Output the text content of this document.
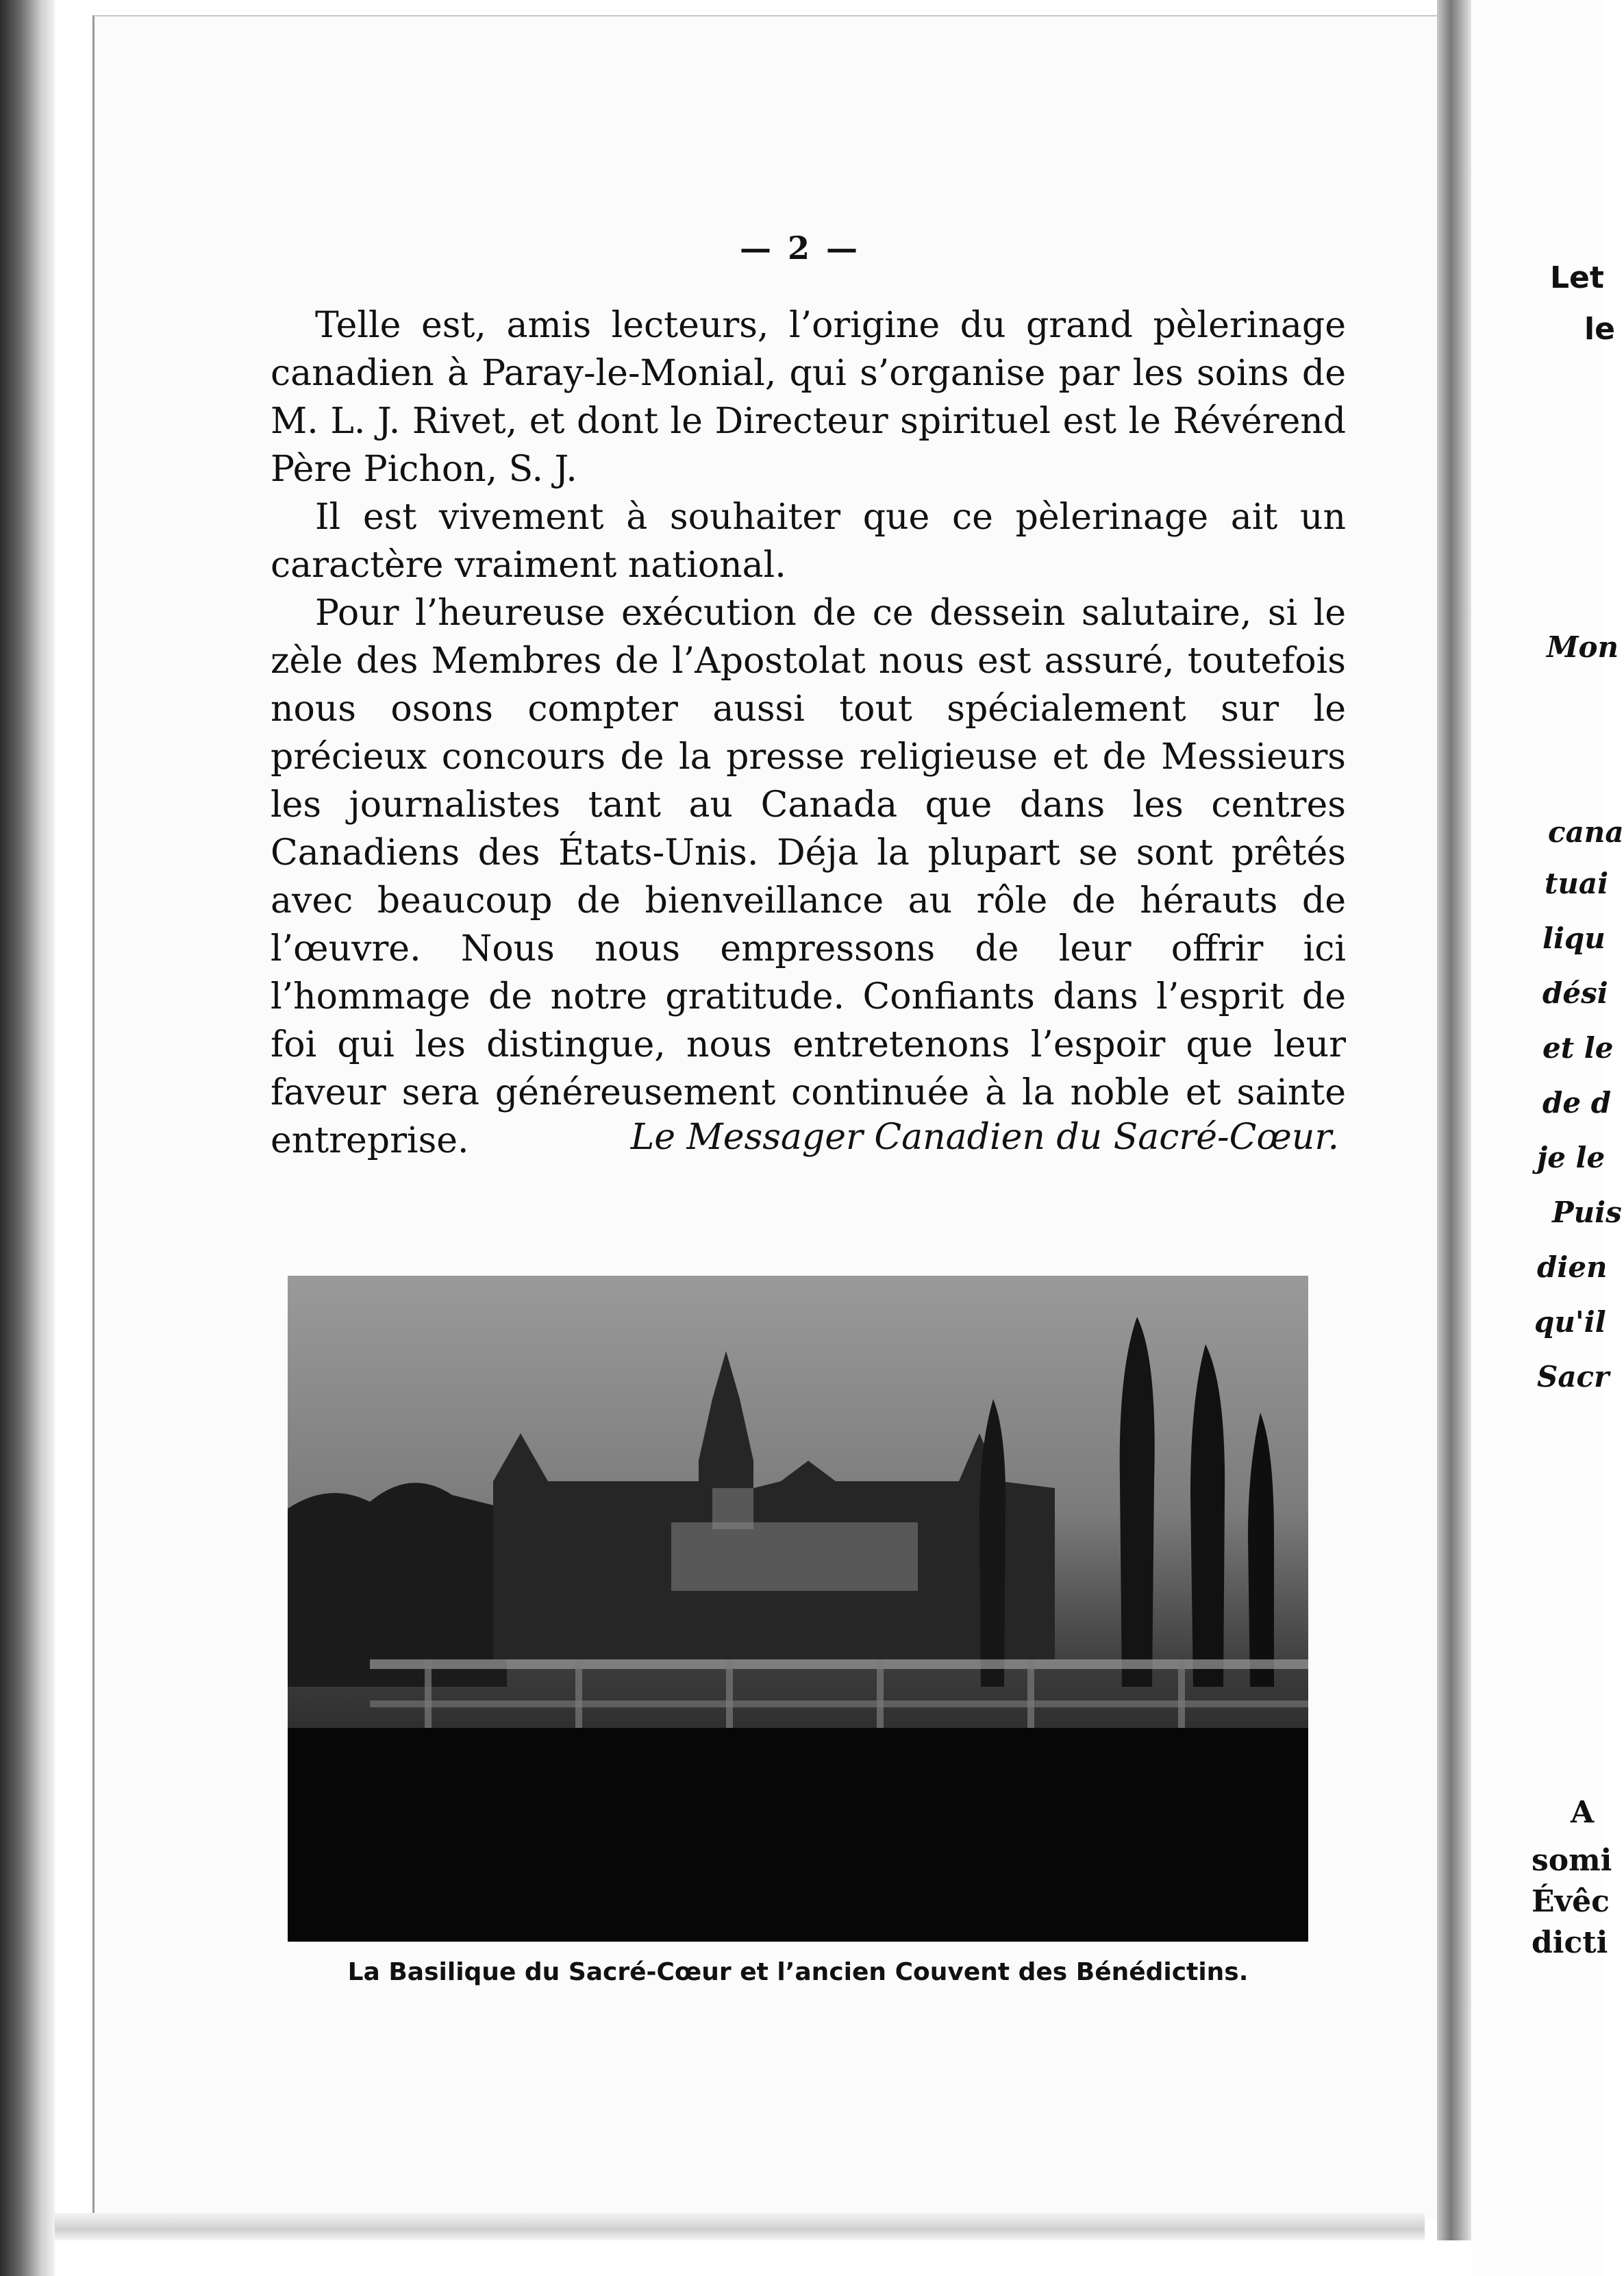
— 2 —

Telle est, amis lecteurs, l’origine du grand pèlerinage canadien à Paray-le-Monial, qui s’organise par les soins de M. L. J. Rivet, et dont le Directeur spirituel est le Révérend Père Pichon, S. J.

Il est vivement à souhaiter que ce pèlerinage ait un caractère vraiment national.

Pour l’heureuse exécution de ce dessein salutaire, si le zèle des Membres de l’Apostolat nous est assuré, toutefois nous osons compter aussi tout spécialement sur le précieux concours de la presse religieuse et de Messieurs les journalistes tant au Canada que dans les centres Canadiens des États-Unis. Déja la plupart se sont prêtés avec beaucoup de bienveillance au rôle de hérauts de l’œuvre. Nous nous empressons de leur offrir ici l’hommage de notre gratitude. Confiants dans l’esprit de foi qui les distingue, nous entretenons l’espoir que leur faveur sera généreusement continuée à la noble et sainte entreprise.	Le Messager Canadien du Sacré-Cœur.
La Basilique du Sacré-Cœur et l’ancien Couvent des Bénédictins.
Let
le
Mon
cana
tuai
liqu
dési
et le
de d
je le
Puis
dien
qu'il
Sacr
A
somi
Évêc
dicti
